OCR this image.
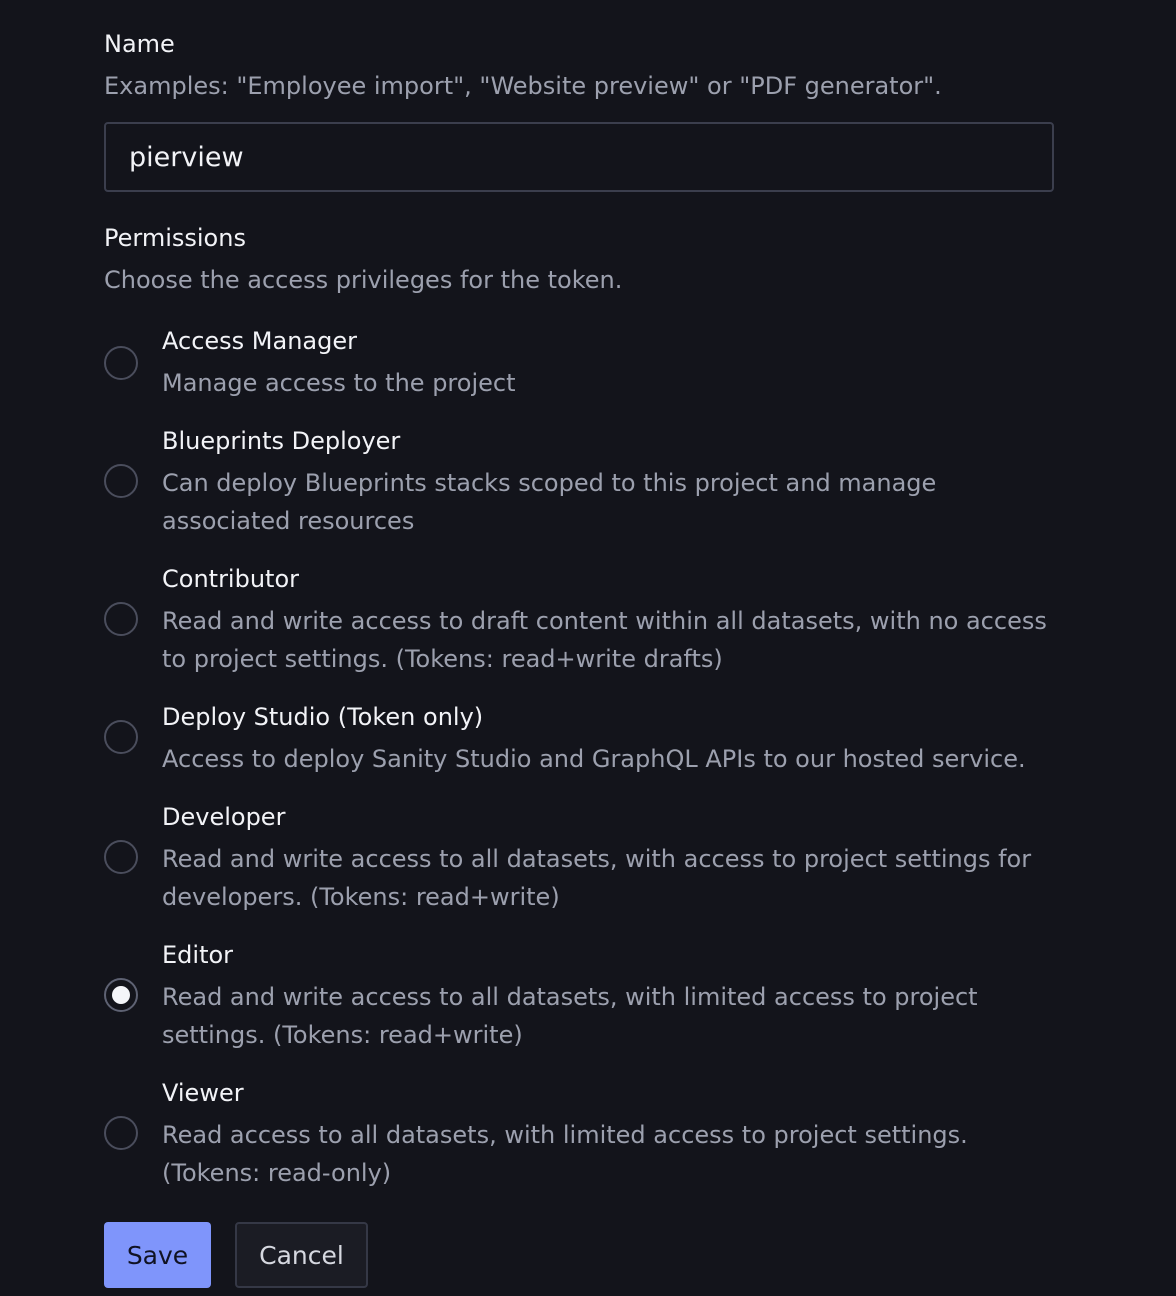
Name
Examples: "Employee import", "Website preview" or "PDF generator".
pierview
Permissions
Choose the access privileges for the token.
Access Manager
Manage access to the project
Blueprints Deployer
Can deploy Blueprints stacks scoped to this project and manage
associated resources
Contributor
Read and write access to draft content within all datasets, with no access
to project settings. (Tokens: read+write drafts)
Deploy Studio (Token only)
Access to deploy Sanity Studio and GraphQL APIs to our hosted service.
Developer
Read and write access to all datasets, with access to project settings for
developers. (Tokens: read+write)
Editor
Read and write access to all datasets, with limited access to project
settings. (Tokens: read+write)
Viewer
Read access to all datasets, with limited access to project settings.
(Tokens: read-only)
Save	Cancel
